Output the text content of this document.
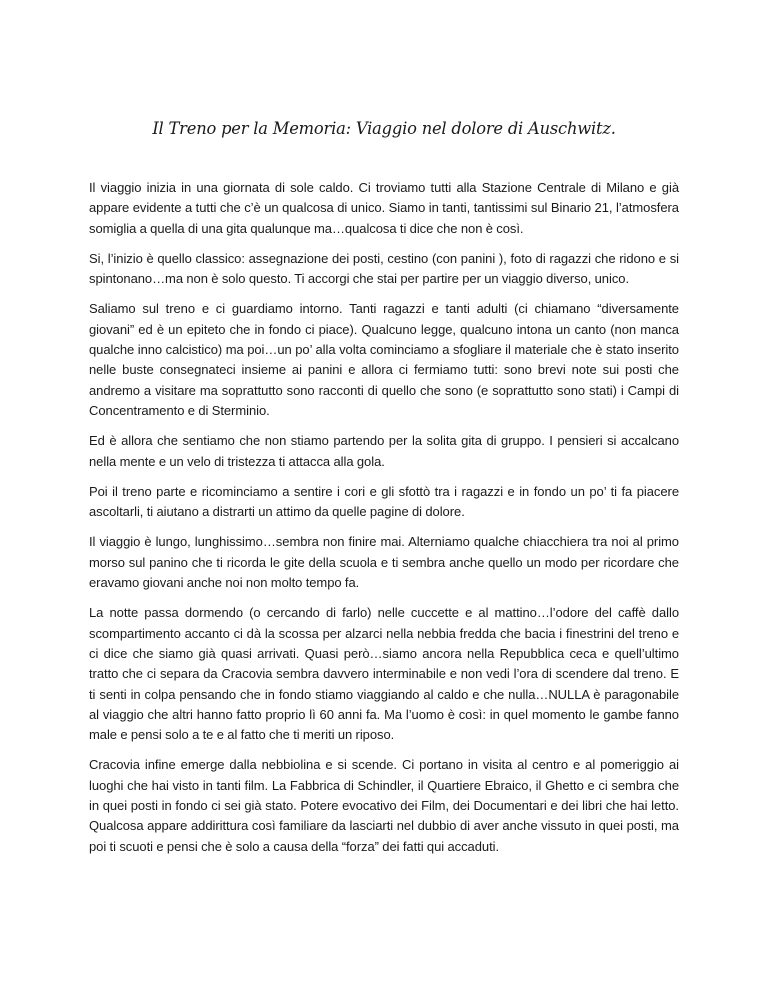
Il Treno per la Memoria: Viaggio nel dolore di Auschwitz.

Il viaggio inizia in una giornata di sole caldo. Ci troviamo tutti alla Stazione Centrale di Milano e già appare evidente a tutti che c’è un qualcosa di unico. Siamo in tanti, tantissimi sul Binario 21, l’atmosfera somiglia a quella di una gita qualunque ma…qualcosa ti dice che non è così.

Si, l’inizio è quello classico: assegnazione dei posti, cestino (con panini ), foto di ragazzi che ridono e si spintonano…ma non è solo questo. Ti accorgi che stai per partire per un viaggio diverso, unico.

Saliamo sul treno e ci guardiamo intorno. Tanti ragazzi e tanti adulti (ci chiamano “diversamente giovani” ed è un epiteto che in fondo ci piace). Qualcuno legge, qualcuno intona un canto (non manca qualche inno calcistico) ma poi…un po’ alla volta cominciamo a sfogliare il materiale che è stato inserito nelle buste consegnateci insieme ai panini e allora ci fermiamo tutti: sono brevi note sui posti che andremo a visitare ma soprattutto sono racconti di quello che sono (e soprattutto sono stati) i Campi di Concentramento e di Sterminio.

Ed è allora che sentiamo che non stiamo partendo per la solita gita di gruppo. I pensieri si accalcano nella mente e un velo di tristezza ti attacca alla gola.

Poi il treno parte e ricominciamo a sentire i cori e gli sfottò tra i ragazzi e in fondo un po’ ti fa piacere ascoltarli, ti aiutano a distrarti un attimo da quelle pagine di dolore.

Il viaggio è lungo, lunghissimo…sembra non finire mai. Alterniamo qualche chiacchiera tra noi al primo morso sul panino che ti ricorda le gite della scuola e ti sembra anche quello un modo per ricordare che eravamo giovani anche noi non molto tempo fa.

La notte passa dormendo (o cercando di farlo) nelle cuccette e al mattino…l’odore del caffè dallo scompartimento accanto ci dà la scossa per alzarci nella nebbia fredda che bacia i finestrini del treno e ci dice che siamo già quasi arrivati. Quasi però…siamo ancora nella Repubblica ceca e quell’ultimo tratto che ci separa da Cracovia sembra davvero interminabile e non vedi l’ora di scendere dal treno. E ti senti in colpa pensando che in fondo stiamo viaggiando al caldo e che nulla…NULLA è paragonabile al viaggio che altri hanno fatto proprio lì 60 anni fa. Ma l’uomo è così: in quel momento le gambe fanno male e pensi solo a te e al fatto che ti meriti un riposo.

Cracovia infine emerge dalla nebbiolina e si scende. Ci portano in visita al centro e al pomeriggio ai luoghi che hai visto in tanti film. La Fabbrica di Schindler, il Quartiere Ebraico, il Ghetto e ci sembra che in quei posti in fondo ci sei già stato. Potere evocativo dei Film, dei Documentari e dei libri che hai letto. Qualcosa appare addirittura così familiare da lasciarti nel dubbio di aver anche vissuto in quei posti, ma poi ti scuoti e pensi che è solo a causa della “forza” dei fatti qui accaduti.
